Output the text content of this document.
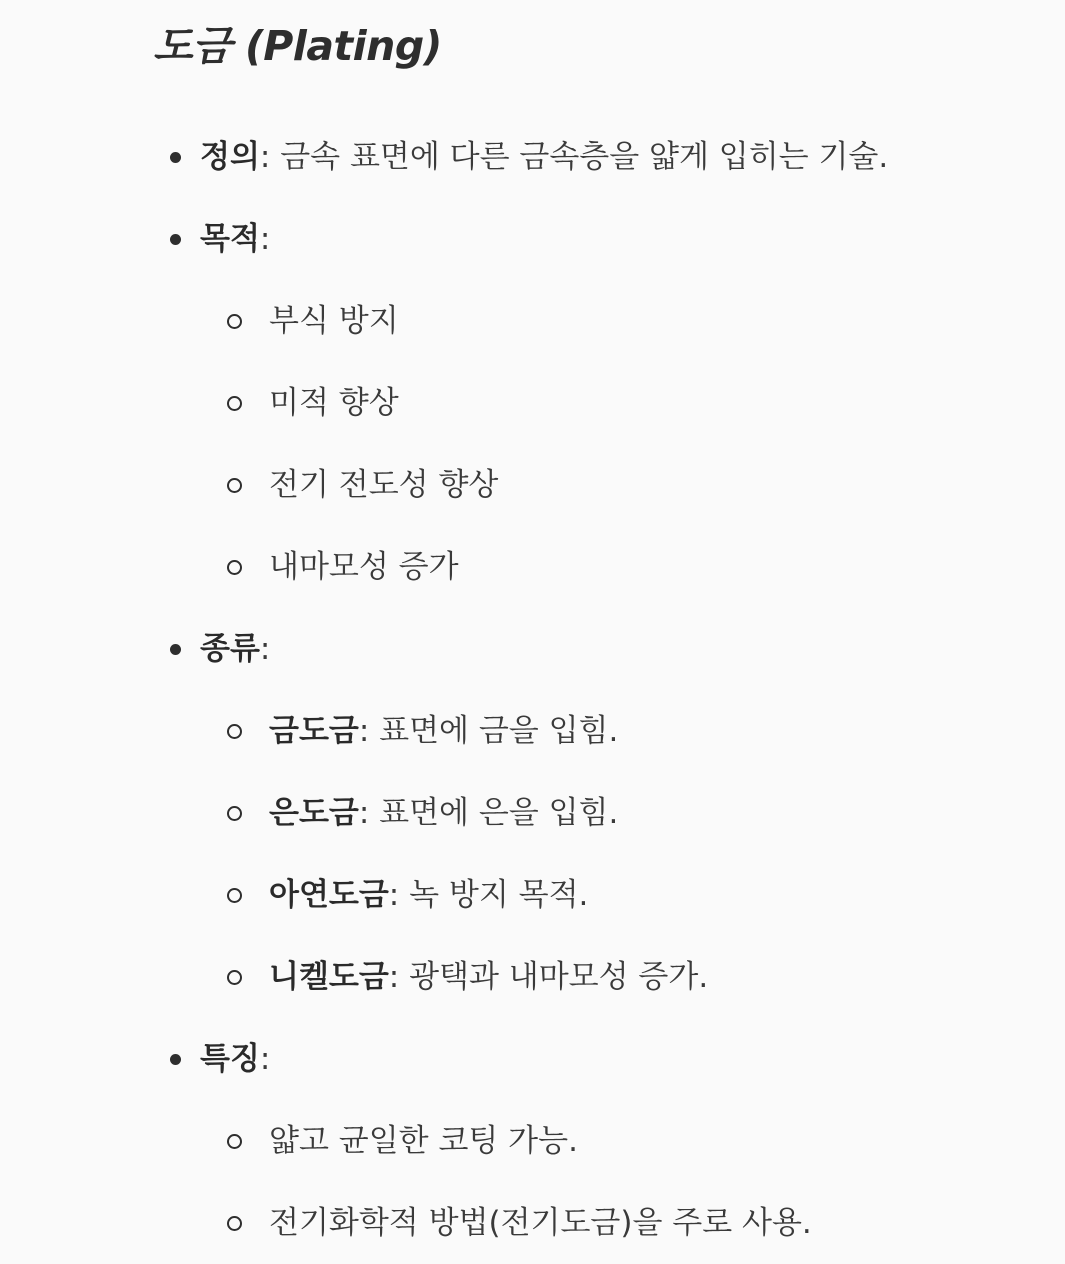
도금 (Plating)
정의: 금속 표면에 다른 금속층을 얇게 입히는 기술.
목적:
부식 방지
미적 향상
전기 전도성 향상
내마모성 증가
종류:
금도금: 표면에 금을 입힘.
은도금: 표면에 은을 입힘.
아연도금: 녹 방지 목적.
니켈도금: 광택과 내마모성 증가.
특징:
얇고 균일한 코팅 가능.
전기화학적 방법(전기도금)을 주로 사용.
